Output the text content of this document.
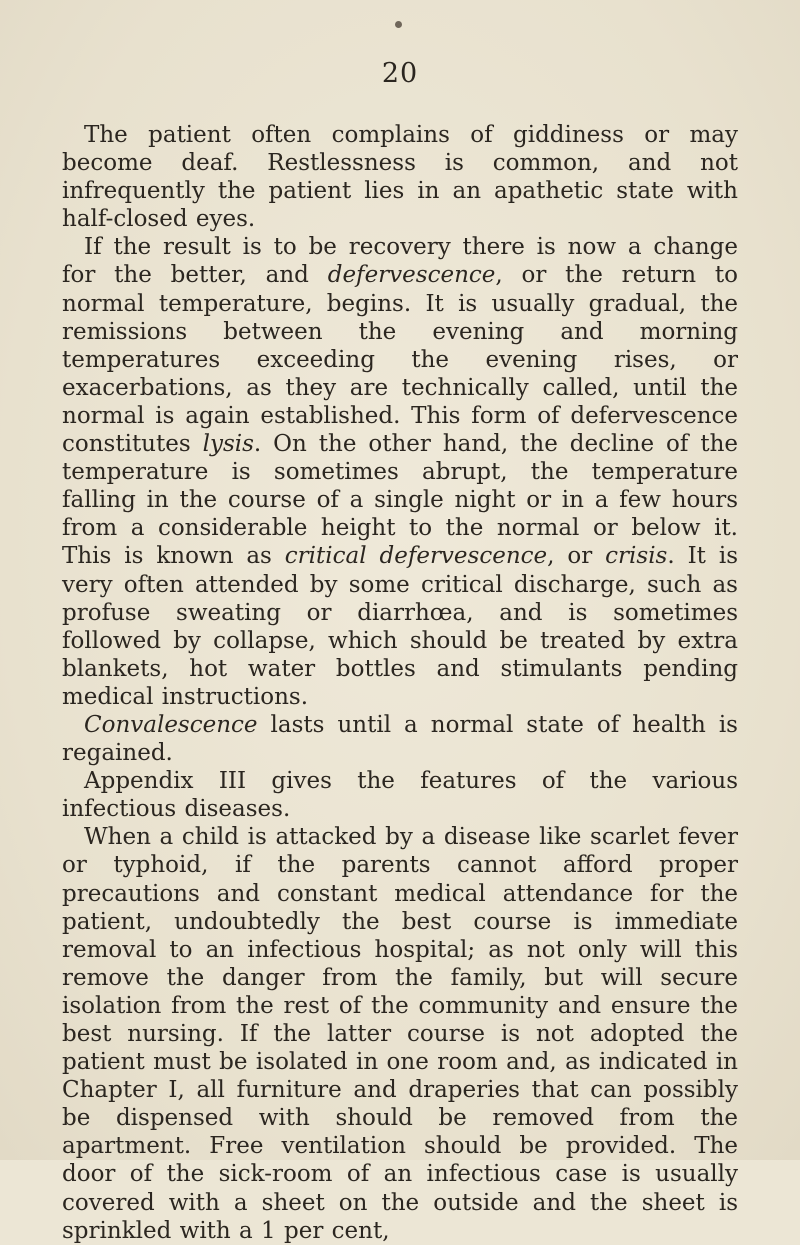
20

The patient often complains of giddiness or may become deaf. Restlessness is common, and not infrequently the patient lies in an apathetic state with half-closed eyes.

If the result is to be recovery there is now a change for the better, and defervescence, or the return to normal temperature, begins. It is usually gradual, the remissions between the evening and morning temperatures exceeding the evening rises, or exacerbations, as they are technically called, until the normal is again established. This form of defervescence constitutes lysis. On the other hand, the decline of the temperature is sometimes abrupt, the temperature falling in the course of a single night or in a few hours from a considerable height to the normal or below it. This is known as critical defervescence, or crisis. It is very often attended by some critical discharge, such as profuse sweating or diarrhœa, and is sometimes followed by collapse, which should be treated by extra blankets, hot water bottles and stimulants pending medical instructions.

Convalescence lasts until a normal state of health is regained.

Appendix III gives the features of the various infectious diseases.

When a child is attacked by a disease like scarlet fever or typhoid, if the parents cannot afford proper precautions and constant medical attendance for the patient, undoubtedly the best course is immediate removal to an infectious hospital; as not only will this remove the danger from the family, but will secure isolation from the rest of the community and ensure the best nursing. If the latter course is not adopted the patient must be isolated in one room and, as indicated in Chapter I, all furniture and draperies that can possibly be dispensed with should be removed from the apartment. Free ventilation should be provided. The door of the sick-room of an infectious case is usually covered with a sheet on the outside and the sheet is sprinkled with a 1 per cent,
